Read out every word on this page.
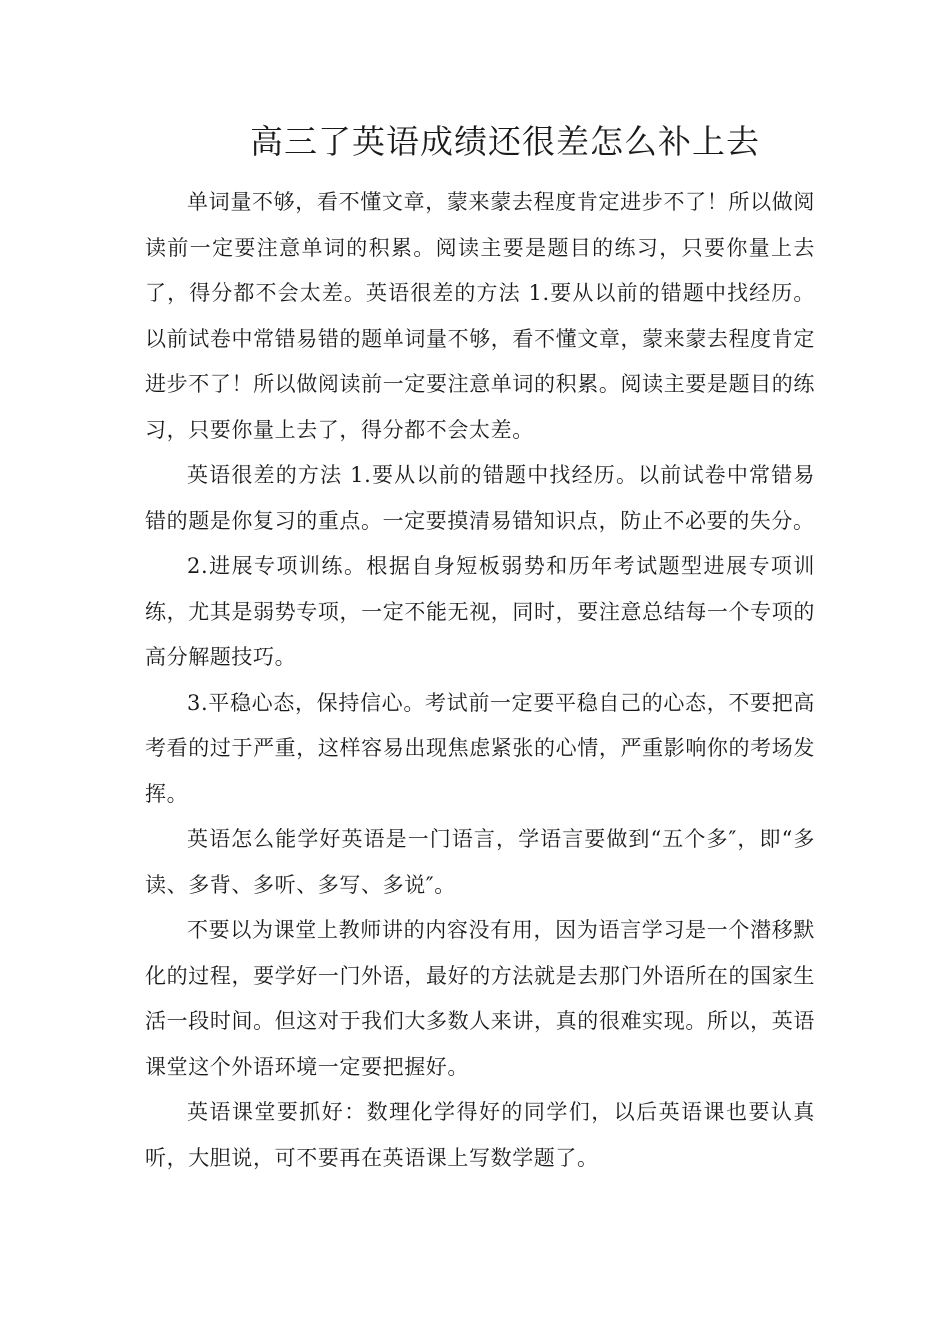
高三了英语成绩还很差怎么补上去

单词量不够，看不懂文章，蒙来蒙去程度肯定进步不了！所以做阅读前一定要注意单词的积累。阅读主要是题目的练习，只要你量上去了，得分都不会太差。英语很差的方法 1.要从以前的错题中找经历。以前试卷中常错易错的题单词量不够，看不懂文章，蒙来蒙去程度肯定进步不了！所以做阅读前一定要注意单词的积累。阅读主要是题目的练习，只要你量上去了，得分都不会太差。

英语很差的方法 1.要从以前的错题中找经历。以前试卷中常错易错的题是你复习的重点。一定要摸清易错知识点，防止不必要的失分。

2.进展专项训练。根据自身短板弱势和历年考试题型进展专项训练，尤其是弱势专项，一定不能无视，同时，要注意总结每一个专项的高分解题技巧。

3.平稳心态，保持信心。考试前一定要平稳自己的心态，不要把高考看的过于严重，这样容易出现焦虑紧张的心情，严重影响你的考场发挥。

英语怎么能学好英语是一门语言，学语言要做到“五个多″，即“多读、多背、多听、多写、多说″。

不要以为课堂上教师讲的内容没有用，因为语言学习是一个潜移默化的过程，要学好一门外语，最好的方法就是去那门外语所在的国家生活一段时间。但这对于我们大多数人来讲，真的很难实现。所以，英语课堂这个外语环境一定要把握好。

英语课堂要抓好：数理化学得好的同学们，以后英语课也要认真听，大胆说，可不要再在英语课上写数学题了。
